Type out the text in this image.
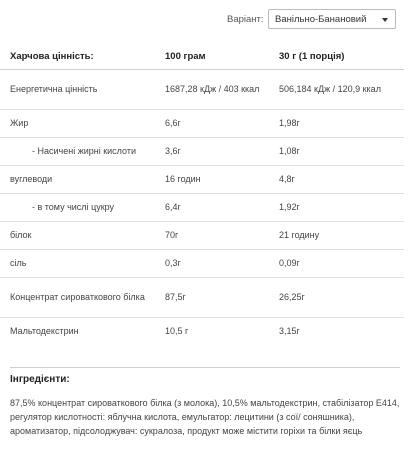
Варіант: Ванільно-Банановий
Харчова цінність:	100 грам	30 г (1 порція)
Енергетична цінність	1687,28 кДж / 403 ккал	506,184 кДж / 120,9 ккал
Жир	6,6г	1,98г
- Насичені жирні кислоти	3,6г	1,08г
вуглеводи	16 годин	4,8г
- в тому числі цукру	6,4г	1,92г
білок	70г	21 годину
сіль	0,3г	0,09г
Концентрат сироваткового білка	87,5г	26,25г
Мальтодекстрин	10,5 г	3,15г
Інгредієнти:
87,5% концентрат сироваткового білка (з молока), 10,5% мальтодекстрин, стабілізатор Е414, регулятор кислотності: яблучна кислота, емульгатор: лецитини (з сої/ соняшника), ароматизатор, підсолоджувач: сукралоза, продукт може містити горіхи та білки яєць
